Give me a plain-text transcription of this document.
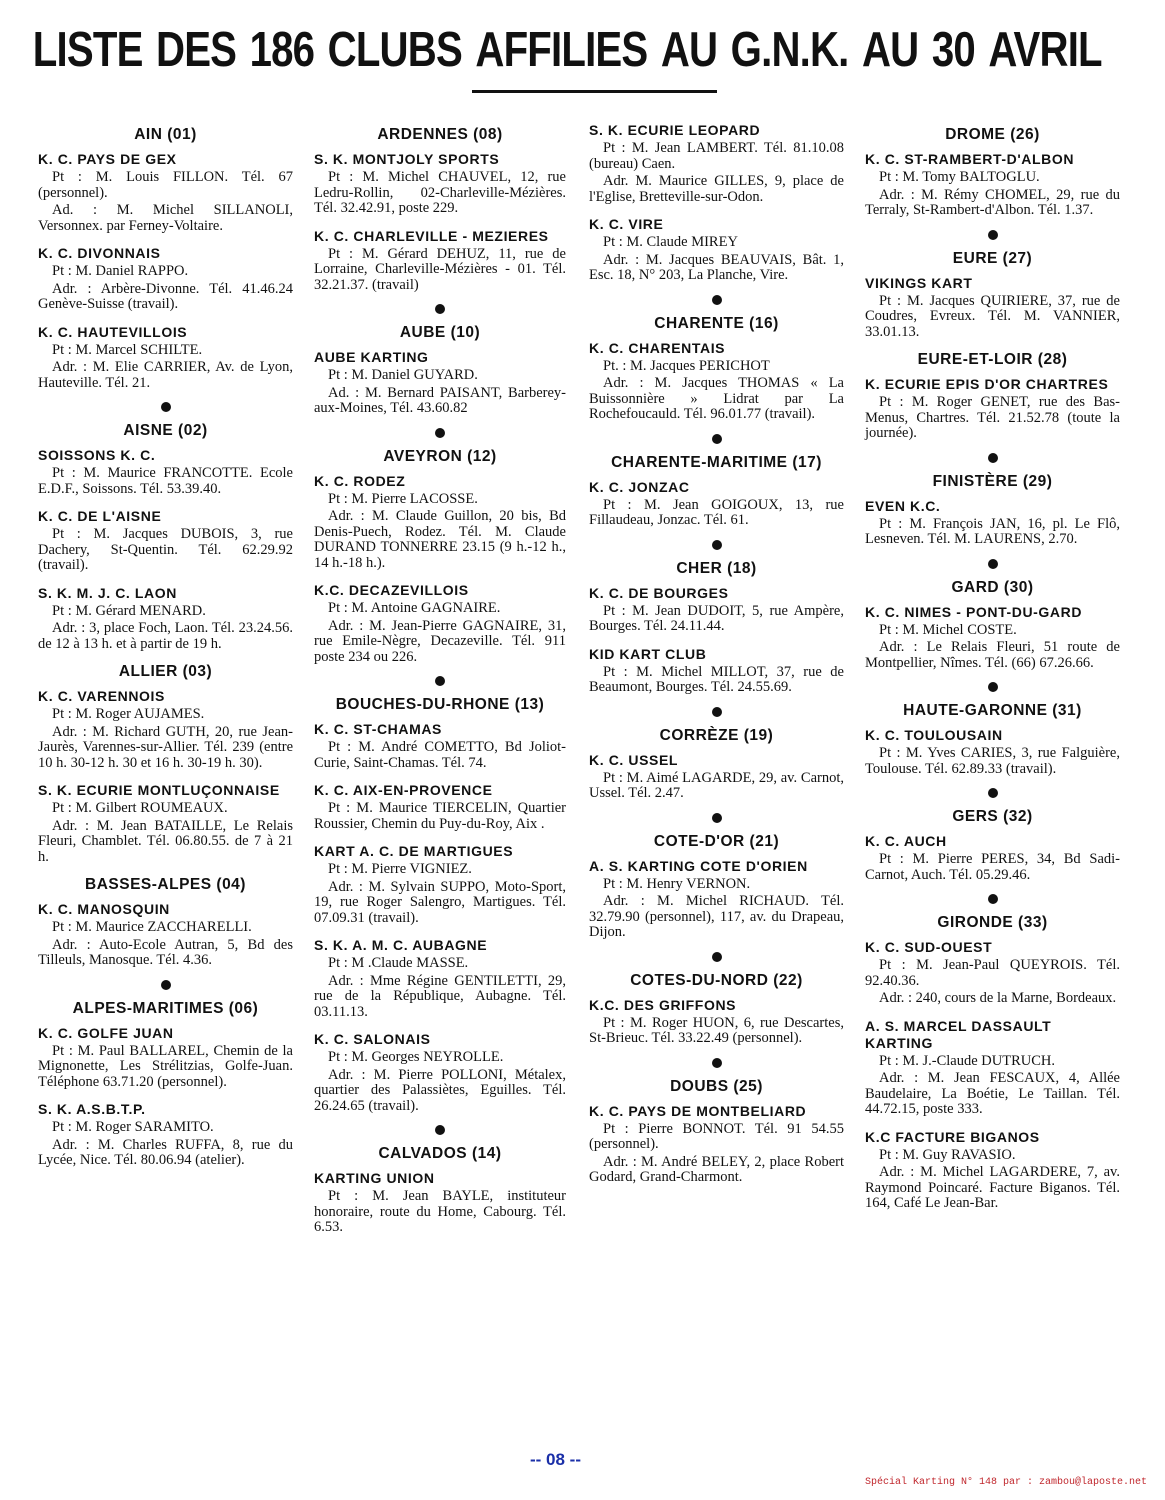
LISTE DES 186 CLUBS AFFILIES AU G.N.K. AU 30 AVRIL
AIN (01)
K. C. PAYS DE GEX
Pt : M. Louis FILLON. Tél. 67 (personnel).
Ad. : M. Michel SILLANOLI, Versonnex. par Ferney-Voltaire.
K. C. DIVONNAIS
Pt : M. Daniel RAPPO.
Adr. : Arbère-Divonne. Tél. 41.46.24 Genève-Suisse (travail).
K. C. HAUTEVILLOIS
Pt : M. Marcel SCHILTE.
Adr. : M. Elie CARRIER, Av. de Lyon, Hauteville. Tél. 21.
AISNE (02)
SOISSONS K. C.
Pt : M. Maurice FRANCOTTE. Ecole E.D.F., Soissons. Tél. 53.39.40.
K. C. DE L'AISNE
Pt : M. Jacques DUBOIS, 3, rue Dachery, St-Quentin. Tél. 62.29.92 (travail).
S. K. M. J. C. LAON
Pt : M. Gérard MENARD.
Adr. : 3, place Foch, Laon. Tél. 23.24.56. de 12 à 13 h. et à partir de 19 h.
ALLIER (03)
K. C. VARENNOIS
Pt : M. Roger AUJAMES.
Adr. : M. Richard GUTH, 20, rue Jean-Jaurès, Varennes-sur-Allier. Tél. 239 (entre 10 h. 30-12 h. 30 et 16 h. 30-19 h. 30).
S. K. ECURIE MONTLUÇONNAISE
Pt : M. Gilbert ROUMEAUX.
Adr. : M. Jean BATAILLE, Le Relais Fleuri, Chamblet. Tél. 06.80.55. de 7 à 21 h.
BASSES-ALPES (04)
K. C. MANOSQUIN
Pt : M. Maurice ZACCHARELLI.
Adr. : Auto-Ecole Autran, 5, Bd des Tilleuls, Manosque. Tél. 4.36.
ALPES-MARITIMES (06)
K. C. GOLFE JUAN
Pt : M. Paul BALLAREL, Chemin de la Mignonette, Les Strélitzias, Golfe-Juan. Téléphone 63.71.20 (personnel).
S. K. A.S.B.T.P.
Pt : M. Roger SARAMITO.
Adr. : M. Charles RUFFA, 8, rue du Lycée, Nice. Tél. 80.06.94 (atelier).
ARDENNES (08)
S. K. MONTJOLY SPORTS
Pt : M. Michel CHAUVEL, 12, rue Ledru-Rollin, 02-Charleville-Mézières. Tél. 32.42.91, poste 229.
K. C. CHARLEVILLE - MEZIERES
Pt : M. Gérard DEHUZ, 11, rue de Lorraine, Charleville-Mézières - 01. Tél. 32.21.37. (travail)
AUBE (10)
AUBE KARTING
Pt : M. Daniel GUYARD.
Ad. : M. Bernard PAISANT, Barberey-aux-Moines, Tél. 43.60.82
AVEYRON (12)
K. C. RODEZ
Pt : M. Pierre LACOSSE.
Adr. : M. Claude Guillon, 20 bis, Bd Denis-Puech, Rodez. Tél. M. Claude DURAND TONNERRE 23.15 (9 h.-12 h., 14 h.-18 h.).
K.C. DECAZEVILLOIS
Pt : M. Antoine GAGNAIRE.
Adr. : M. Jean-Pierre GAGNAIRE, 31, rue Emile-Nègre, Decazeville. Tél. 911 poste 234 ou 226.
BOUCHES-DU-RHONE (13)
K. C. ST-CHAMAS
Pt : M. André COMETTO, Bd Joliot-Curie, Saint-Chamas. Tél. 74.
K. C. AIX-EN-PROVENCE
Pt : M. Maurice TIERCELIN, Quartier Roussier, Chemin du Puy-du-Roy, Aix .
KART A. C. DE MARTIGUES
Pt : M. Pierre VIGNIEZ.
Adr. : M. Sylvain SUPPO, Moto-Sport, 19, rue Roger Salengro, Martigues. Tél. 07.09.31 (travail).
S. K. A. M. C. AUBAGNE
Pt : M .Claude MASSE.
Adr. : Mme Régine GENTILETTI, 29, rue de la République, Aubagne. Tél. 03.11.13.
K. C. SALONAIS
Pt : M. Georges NEYROLLE.
Adr. : M. Pierre POLLONI, Métalex, quartier des Palassiètes, Eguilles. Tél. 26.24.65 (travail).
CALVADOS (14)
KARTING UNION
Pt : M. Jean BAYLE, instituteur honoraire, route du Home, Cabourg. Tél. 6.53.
S. K. ECURIE LEOPARD
Pt : M. Jean LAMBERT. Tél. 81.10.08 (bureau) Caen.
Adr. M. Maurice GILLES, 9, place de l'Eglise, Bretteville-sur-Odon.
K. C. VIRE
Pt : M. Claude MIREY
Adr. : M. Jacques BEAUVAIS, Bât. 1, Esc. 18, N° 203, La Planche, Vire.
CHARENTE (16)
K. C. CHARENTAIS
Pt. : M. Jacques PERICHOT
Adr. : M. Jacques THOMAS « La Buissonnière » Lidrat par La Rochefoucauld. Tél. 96.01.77 (travail).
CHARENTE-MARITIME (17)
K. C. JONZAC
Pt : M. Jean GOIGOUX, 13, rue Fillaudeau, Jonzac. Tél. 61.
CHER (18)
K. C. DE BOURGES
Pt : M. Jean DUDOIT, 5, rue Ampère, Bourges. Tél. 24.11.44.
KID KART CLUB
Pt : M. Michel MILLOT, 37, rue de Beaumont, Bourges. Tél. 24.55.69.
CORRÈZE (19)
K. C. USSEL
Pt : M. Aimé LAGARDE, 29, av. Carnot, Ussel. Tél. 2.47.
COTE-D'OR (21)
A. S. KARTING COTE D'ORIEN
Pt : M. Henry VERNON.
Adr. : M. Michel RICHAUD. Tél. 32.79.90 (personnel), 117, av. du Drapeau, Dijon.
COTES-DU-NORD (22)
K.C. DES GRIFFONS
Pt : M. Roger HUON, 6, rue Descartes, St-Brieuc. Tél. 33.22.49 (personnel).
DOUBS (25)
K. C. PAYS DE MONTBELIARD
Pt : Pierre BONNOT. Tél. 91 54.55 (personnel).
Adr. : M. André BELEY, 2, place Robert Godard, Grand-Charmont.
DROME (26)
K. C. ST-RAMBERT-D'ALBON
Pt : M. Tomy BALTOGLU.
Adr. : M. Rémy CHOMEL, 29, rue du Terraly, St-Rambert-d'Albon. Tél. 1.37.
EURE (27)
VIKINGS KART
Pt : M. Jacques QUIRIERE, 37, rue de Coudres, Evreux. Tél. M. VANNIER, 33.01.13.
EURE-ET-LOIR (28)
K. ECURIE EPIS D'OR CHARTRES
Pt : M. Roger GENET, rue des Bas-Menus, Chartres. Tél. 21.52.78 (toute la journée).
FINISTÈRE (29)
EVEN K.C.
Pt : M. François JAN, 16, pl. Le Flô, Lesneven. Tél. M. LAURENS, 2.70.
GARD (30)
K. C. NIMES - PONT-DU-GARD
Pt : M. Michel COSTE.
Adr. : Le Relais Fleuri, 51 route de Montpellier, Nîmes. Tél. (66) 67.26.66.
HAUTE-GARONNE (31)
K. C. TOULOUSAIN
Pt : M. Yves CARIES, 3, rue Falguière, Toulouse. Tél. 62.89.33 (travail).
GERS (32)
K. C. AUCH
Pt : M. Pierre PERES, 34, Bd Sadi-Carnot, Auch. Tél. 05.29.46.
GIRONDE (33)
K. C. SUD-OUEST
Pt : M. Jean-Paul QUEYROIS. Tél. 92.40.36.
Adr. : 240, cours de la Marne, Bordeaux.
A. S. MARCEL DASSAULT KARTING
Pt : M. J.-Claude DUTRUCH.
Adr. : M. Jean FESCAUX, 4, Allée Baudelaire, La Boétie, Le Taillan. Tél. 44.72.15, poste 333.
K.C FACTURE BIGANOS
Pt : M. Guy RAVASIO.
Adr. : M. Michel LAGARDERE, 7, av. Raymond Poincaré. Facture Biganos. Tél. 164, Café Le Jean-Bar.
-- 08 --
Spécial Karting N° 148 par : zambou@laposte.net
